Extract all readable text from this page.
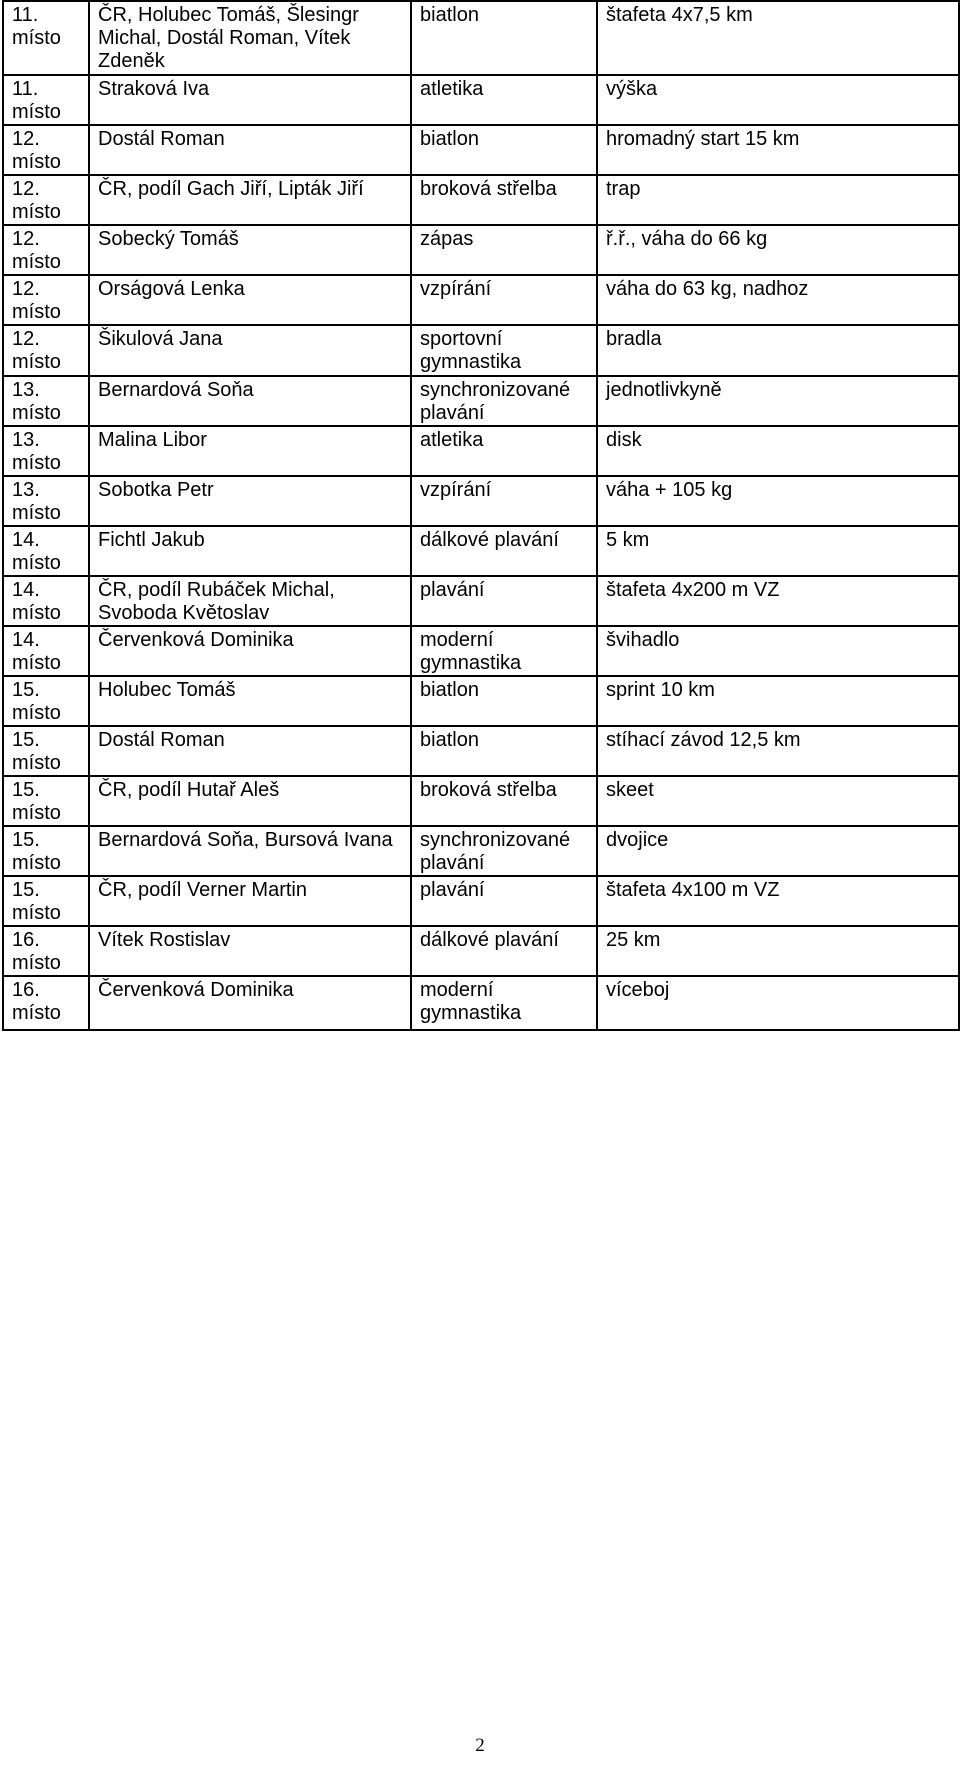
11. místo	ČR, Holubec Tomáš, Šlesingr Michal, Dostál Roman, Vítek Zdeněk	biatlon	štafeta 4x7,5 km
11. místo	Straková Iva	atletika	výška
12. místo	Dostál Roman	biatlon	hromadný start 15 km
12. místo	ČR, podíl Gach Jiří, Lipták Jiří	broková střelba	trap
12. místo	Sobecký Tomáš	zápas	ř.ř., váha do 66 kg
12. místo	Orságová Lenka	vzpírání	váha do 63 kg, nadhoz
12. místo	Šikulová Jana	sportovní gymnastika	bradla
13. místo	Bernardová Soňa	synchronizované plavání	jednotlivkyně
13. místo	Malina Libor	atletika	disk
13. místo	Sobotka Petr	vzpírání	váha + 105 kg
14. místo	Fichtl Jakub	dálkové plavání	5 km
14. místo	ČR, podíl Rubáček Michal, Svoboda Květoslav	plavání	štafeta 4x200 m VZ
14. místo	Červenková Dominika	moderní gymnastika	švihadlo
15. místo	Holubec Tomáš	biatlon	sprint 10 km
15. místo	Dostál Roman	biatlon	stíhací závod 12,5 km
15. místo	ČR, podíl Hutař Aleš	broková střelba	skeet
15. místo	Bernardová Soňa, Bursová Ivana	synchronizované plavání	dvojice
15. místo	ČR, podíl Verner Martin	plavání	štafeta 4x100 m VZ
16. místo	Vítek Rostislav	dálkové plavání	25 km
16. místo	Červenková Dominika	moderní gymnastika	víceboj
2
